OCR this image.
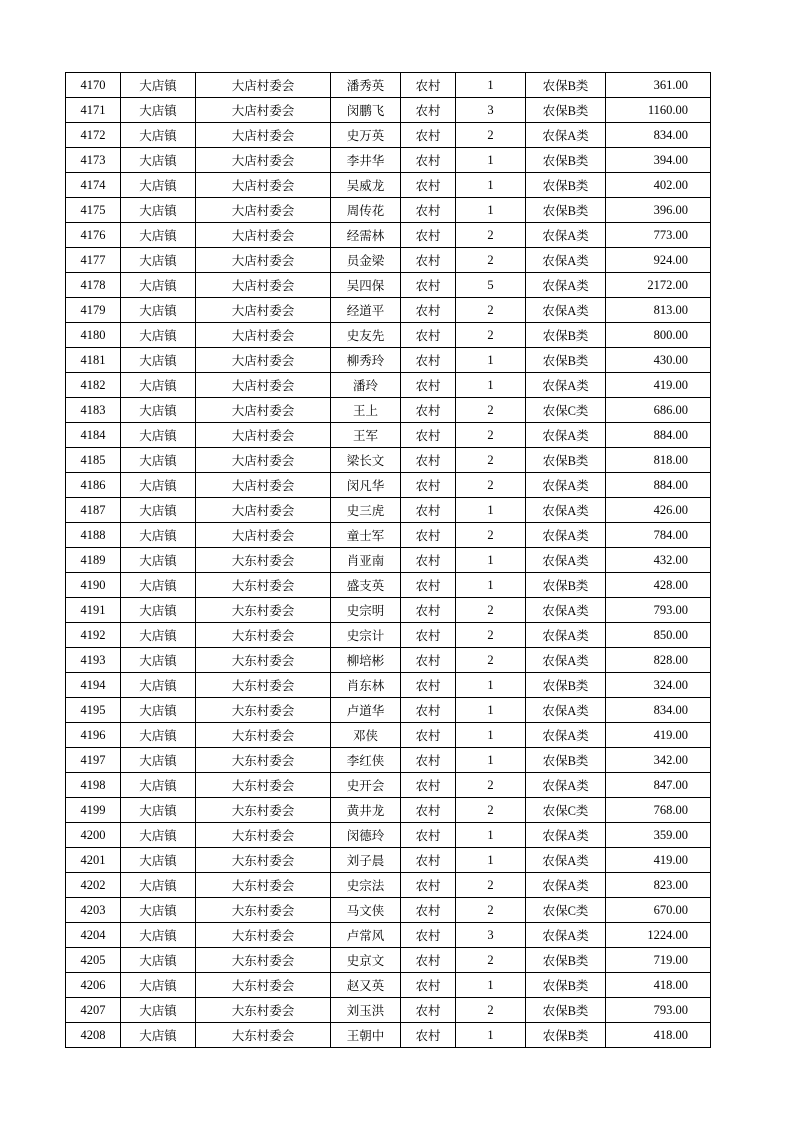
4170	大店镇	大店村委会	潘秀英	农村	1	农保B类	361.00
4171	大店镇	大店村委会	闵鹏飞	农村	3	农保B类	1160.00
4172	大店镇	大店村委会	史万英	农村	2	农保A类	834.00
4173	大店镇	大店村委会	李井华	农村	1	农保B类	394.00
4174	大店镇	大店村委会	吴威龙	农村	1	农保B类	402.00
4175	大店镇	大店村委会	周传花	农村	1	农保B类	396.00
4176	大店镇	大店村委会	经需林	农村	2	农保A类	773.00
4177	大店镇	大店村委会	员金梁	农村	2	农保A类	924.00
4178	大店镇	大店村委会	吴四保	农村	5	农保A类	2172.00
4179	大店镇	大店村委会	经道平	农村	2	农保A类	813.00
4180	大店镇	大店村委会	史友先	农村	2	农保B类	800.00
4181	大店镇	大店村委会	柳秀玲	农村	1	农保B类	430.00
4182	大店镇	大店村委会	潘玲	农村	1	农保A类	419.00
4183	大店镇	大店村委会	王上	农村	2	农保C类	686.00
4184	大店镇	大店村委会	王军	农村	2	农保A类	884.00
4185	大店镇	大店村委会	梁长文	农村	2	农保B类	818.00
4186	大店镇	大店村委会	闵凡华	农村	2	农保A类	884.00
4187	大店镇	大店村委会	史三虎	农村	1	农保A类	426.00
4188	大店镇	大店村委会	童士军	农村	2	农保A类	784.00
4189	大店镇	大东村委会	肖亚南	农村	1	农保A类	432.00
4190	大店镇	大东村委会	盛支英	农村	1	农保B类	428.00
4191	大店镇	大东村委会	史宗明	农村	2	农保A类	793.00
4192	大店镇	大东村委会	史宗计	农村	2	农保A类	850.00
4193	大店镇	大东村委会	柳培彬	农村	2	农保A类	828.00
4194	大店镇	大东村委会	肖东林	农村	1	农保B类	324.00
4195	大店镇	大东村委会	卢道华	农村	1	农保A类	834.00
4196	大店镇	大东村委会	邓侠	农村	1	农保A类	419.00
4197	大店镇	大东村委会	李红侠	农村	1	农保B类	342.00
4198	大店镇	大东村委会	史开会	农村	2	农保A类	847.00
4199	大店镇	大东村委会	黄井龙	农村	2	农保C类	768.00
4200	大店镇	大东村委会	闵德玲	农村	1	农保A类	359.00
4201	大店镇	大东村委会	刘子晨	农村	1	农保A类	419.00
4202	大店镇	大东村委会	史宗法	农村	2	农保A类	823.00
4203	大店镇	大东村委会	马文侠	农村	2	农保C类	670.00
4204	大店镇	大东村委会	卢常风	农村	3	农保A类	1224.00
4205	大店镇	大东村委会	史京文	农村	2	农保B类	719.00
4206	大店镇	大东村委会	赵又英	农村	1	农保B类	418.00
4207	大店镇	大东村委会	刘玉洪	农村	2	农保B类	793.00
4208	大店镇	大东村委会	王朝中	农村	1	农保B类	418.00
